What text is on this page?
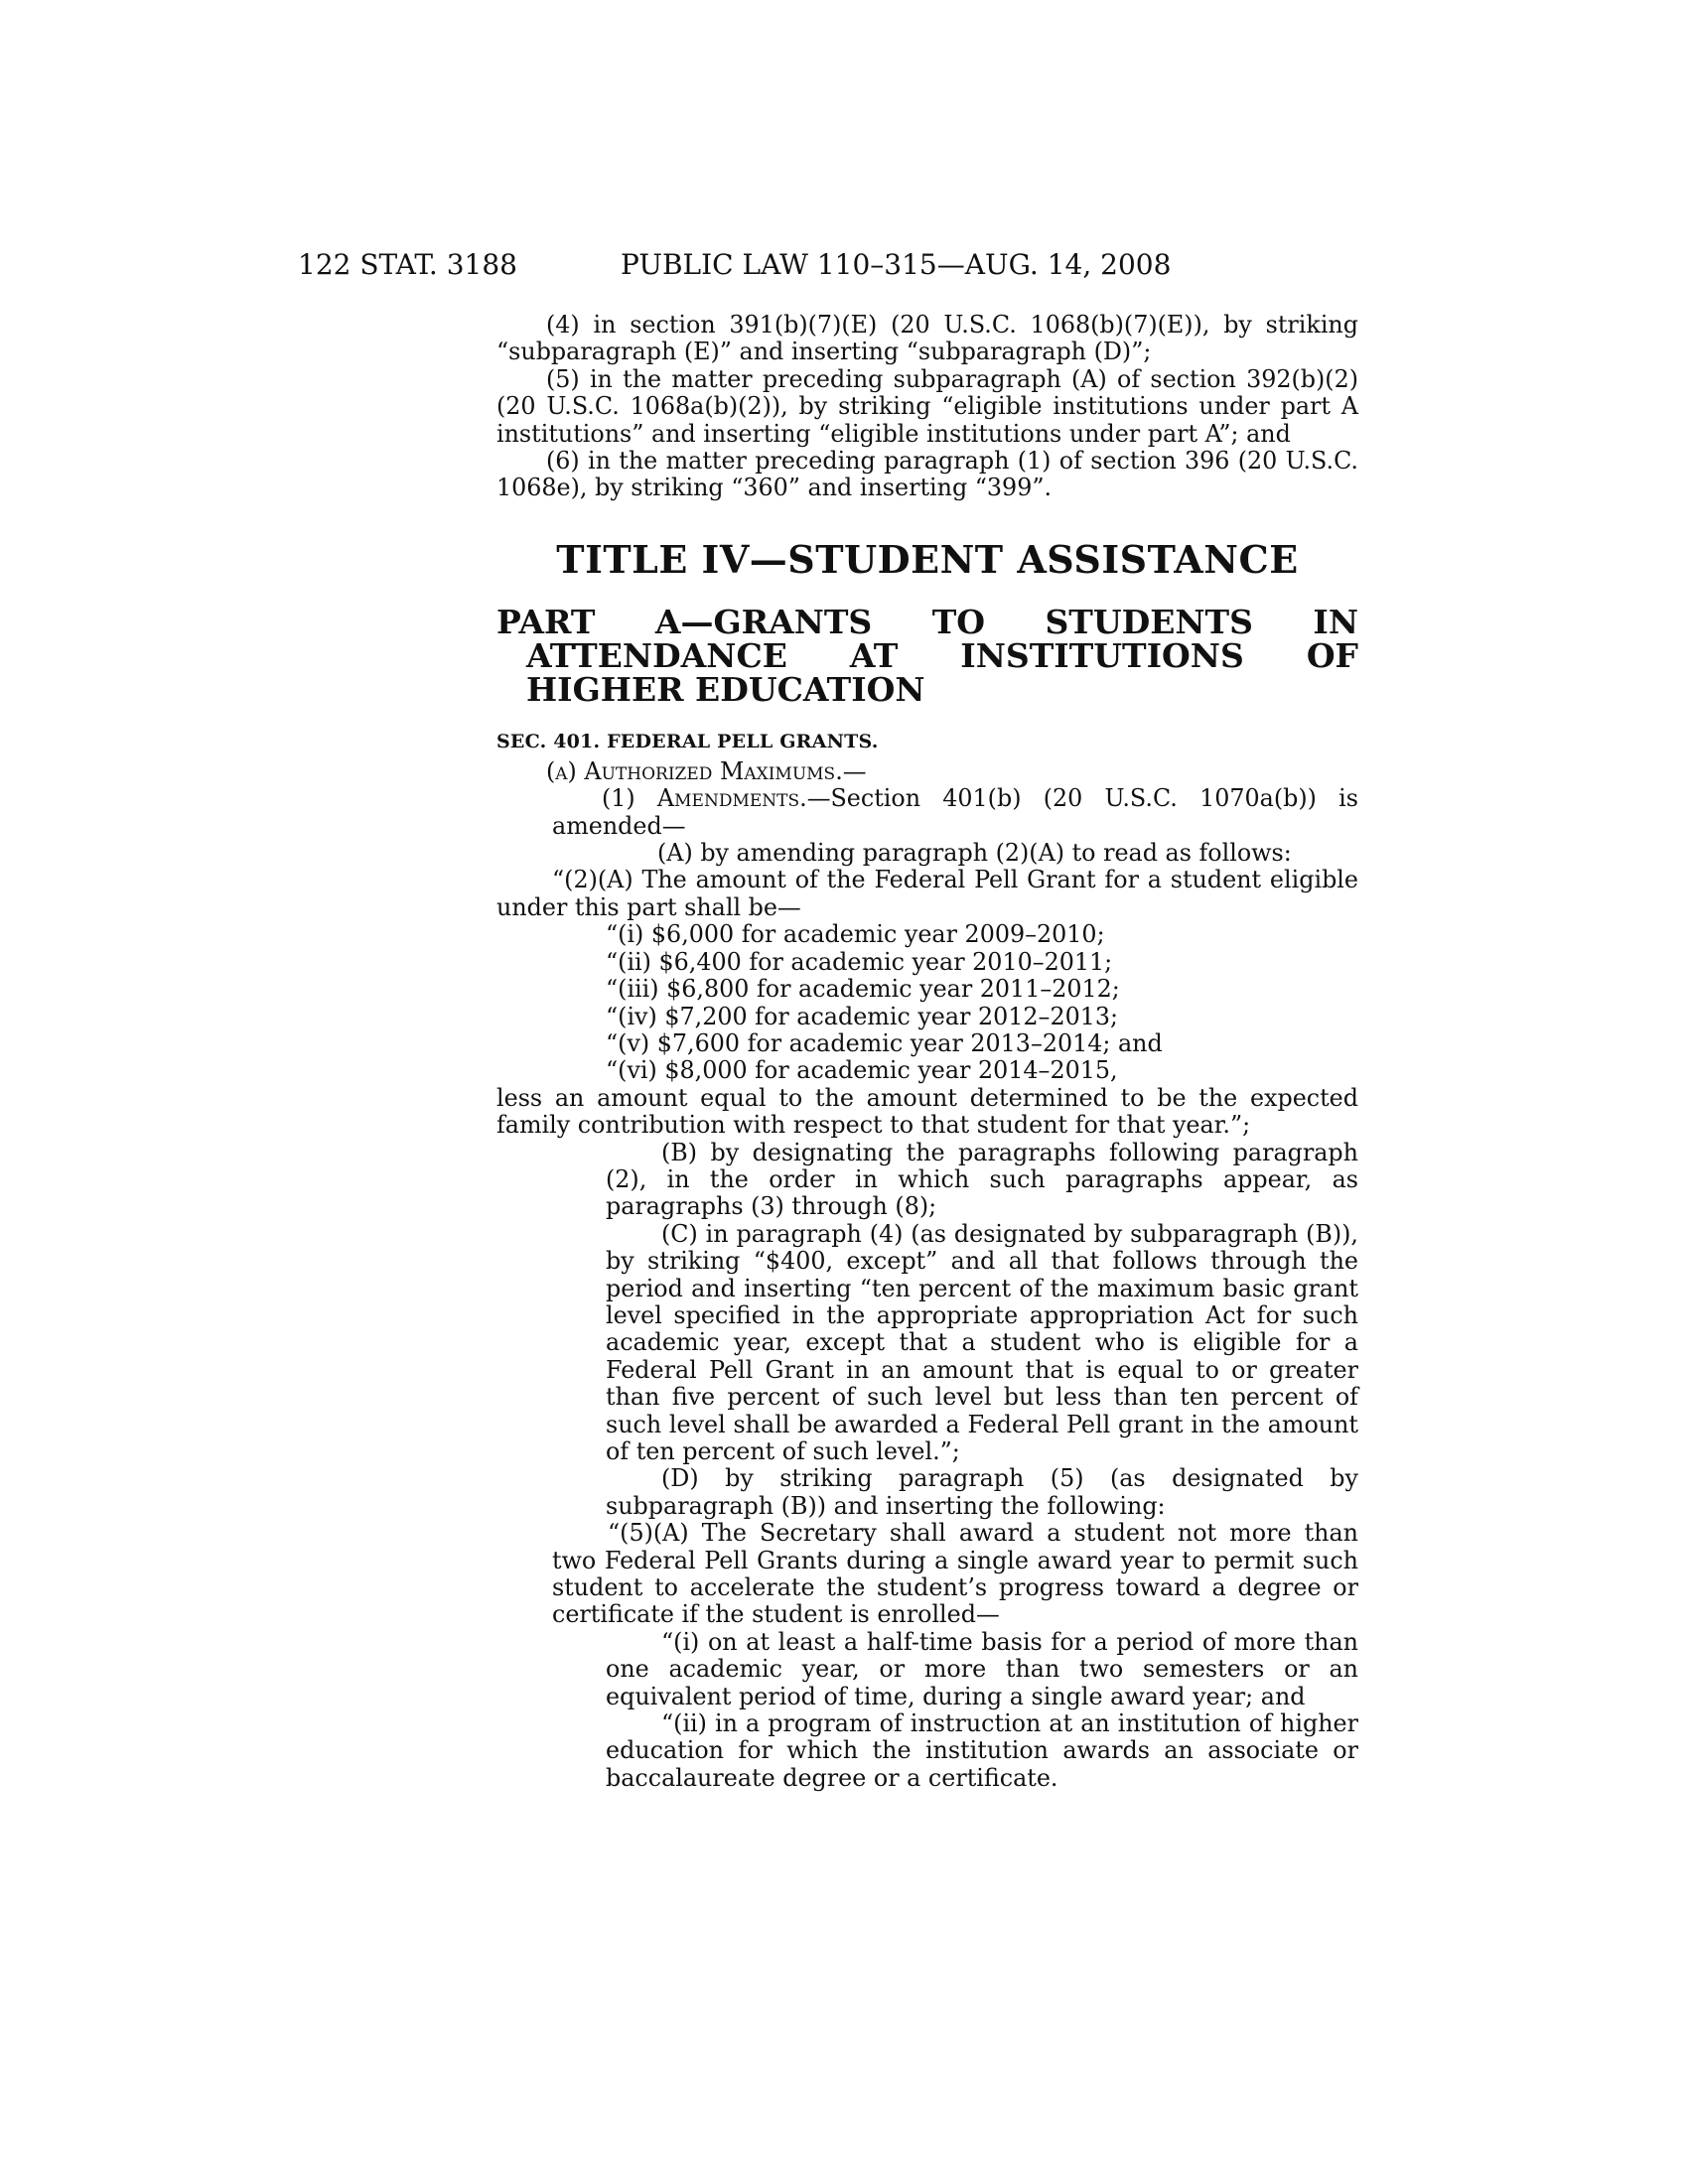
122 STAT. 3188	PUBLIC LAW 110–315—AUG. 14, 2008

(4) in section 391(b)(7)(E) (20 U.S.C. 1068(b)(7)(E)), by striking “subparagraph (E)” and inserting “subparagraph (D)”;

(5) in the matter preceding subparagraph (A) of section 392(b)(2) (20 U.S.C. 1068a(b)(2)), by striking “eligible institutions under part A institutions” and inserting “eligible institutions under part A”; and

(6) in the matter preceding paragraph (1) of section 396 (20 U.S.C. 1068e), by striking “360” and inserting “399”.

TITLE IV—STUDENT ASSISTANCE
PART A—GRANTS TO STUDENTS IN ATTENDANCE AT INSTITUTIONS OF HIGHER EDUCATION
SEC. 401. FEDERAL PELL GRANTS.

(a) Authorized Maximums.—

(1) Amendments.—Section 401(b) (20 U.S.C. 1070a(b)) is amended—

(A) by amending paragraph (2)(A) to read as follows:

“(2)(A) The amount of the Federal Pell Grant for a student eligible under this part shall be—

“(i) $6,000 for academic year 2009–2010;

“(ii) $6,400 for academic year 2010–2011;

“(iii) $6,800 for academic year 2011–2012;

“(iv) $7,200 for academic year 2012–2013;

“(v) $7,600 for academic year 2013–2014; and

“(vi) $8,000 for academic year 2014–2015,

less an amount equal to the amount determined to be the expected family contribution with respect to that student for that year.”;

(B) by designating the paragraphs following paragraph (2), in the order in which such paragraphs appear, as paragraphs (3) through (8);

(C) in paragraph (4) (as designated by subparagraph (B)), by striking “$400, except” and all that follows through the period and inserting “ten percent of the maximum basic grant level specified in the appropriate appropriation Act for such academic year, except that a student who is eligible for a Federal Pell Grant in an amount that is equal to or greater than five percent of such level but less than ten percent of such level shall be awarded a Federal Pell grant in the amount of ten percent of such level.”;

(D) by striking paragraph (5) (as designated by subparagraph (B)) and inserting the following:

“(5)(A) The Secretary shall award a student not more than two Federal Pell Grants during a single award year to permit such student to accelerate the student’s progress toward a degree or certificate if the student is enrolled—

“(i) on at least a half-time basis for a period of more than one academic year, or more than two semesters or an equivalent period of time, during a single award year; and

“(ii) in a program of instruction at an institution of higher education for which the institution awards an associate or baccalaureate degree or a certificate.
